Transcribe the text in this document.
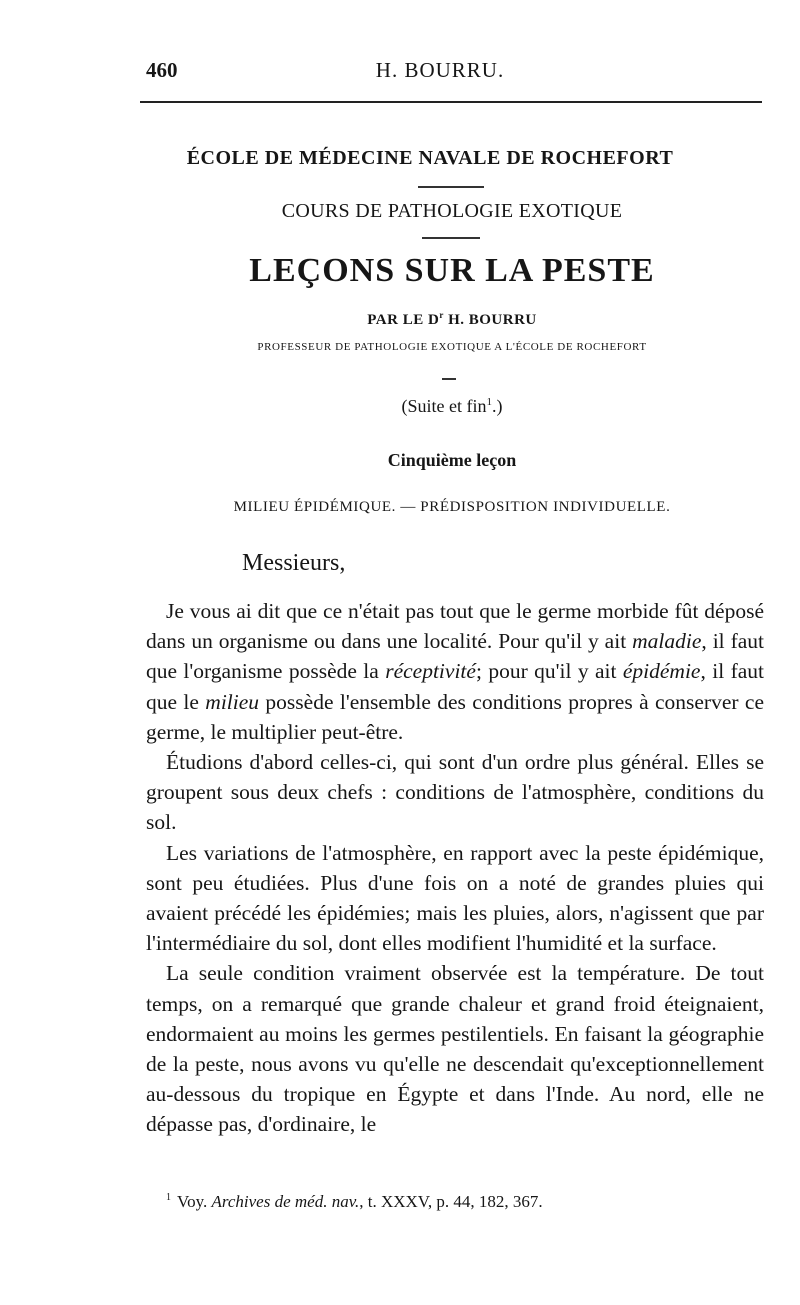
460	H. BOURRU.
ÉCOLE DE MÉDECINE NAVALE DE ROCHEFORT
COURS DE PATHOLOGIE EXOTIQUE
LEÇONS SUR LA PESTE
PAR LE $D^r$ H. BOURRU
PROFESSEUR DE PATHOLOGIE EXOTIQUE A L'ÉCOLE DE ROCHEFORT
(Suite et fin$^1$.)
Cinquième leçon
MILIEU ÉPIDÉMIQUE. — PRÉDISPOSITION INDIVIDUELLE.
Messieurs,

Je vous ai dit que ce n'était pas tout que le germe morbide fût déposé dans un organisme ou dans une localité. Pour qu'il y ait maladie, il faut que l'organisme possède la réceptivité; pour qu'il y ait épidémie, il faut que le milieu possède l'ensemble des conditions propres à conserver ce germe, le multiplier peut-être.

Étudions d'abord celles-ci, qui sont d'un ordre plus général. Elles se groupent sous deux chefs : conditions de l'atmosphère, conditions du sol.

Les variations de l'atmosphère, en rapport avec la peste épidémique, sont peu étudiées. Plus d'une fois on a noté de grandes pluies qui avaient précédé les épidémies; mais les pluies, alors, n'agissent que par l'intermédiaire du sol, dont elles modifient l'humidité et la surface.

La seule condition vraiment observée est la température. De tout temps, on a remarqué que grande chaleur et grand froid éteignaient, endormaient au moins les germes pestilentiels. En faisant la géographie de la peste, nous avons vu qu'elle ne descendait qu'exceptionnellement au-dessous du tropique en Égypte et dans l'Inde. Au nord, elle ne dépasse pas, d'ordinaire, le

$^1$ Voy. Archives de méd. nav., t. XXXV, p. 44, 182, 367.
